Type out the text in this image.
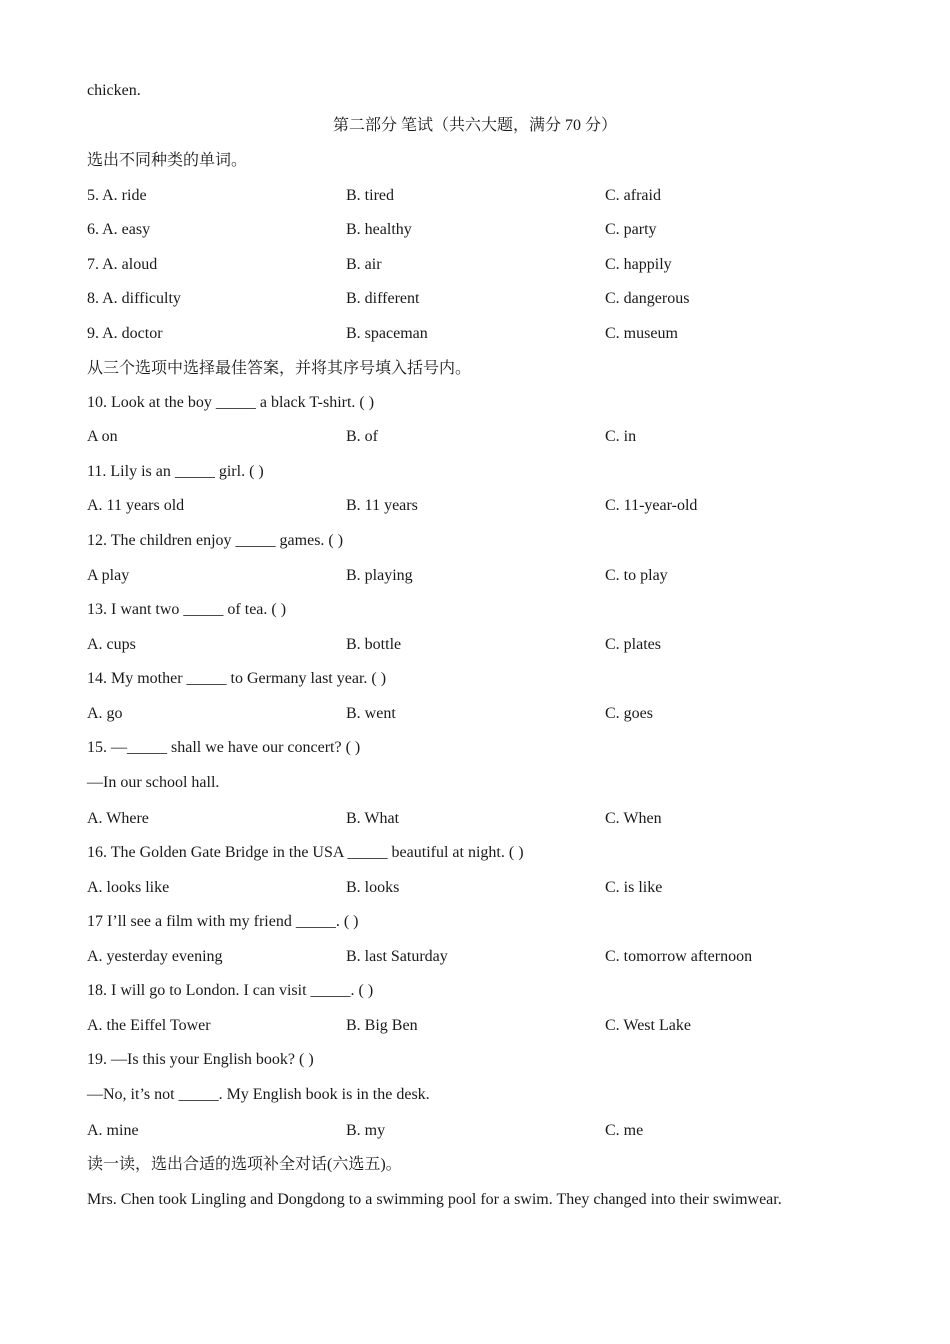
chicken.
第二部分 笔试（共六大题，满分 70 分）
选出不同种类的单词。
5. A. ride	B. tired	C. afraid
6. A. easy	B. healthy	C. party
7. A. aloud	B. air	C. happily
8. A. difficulty	B. different	C. dangerous
9. A. doctor	B. spaceman	C. museum
从三个选项中选择最佳答案，并将其序号填入括号内。
10. Look at the boy _____ a black T-shirt. ( )
A on	B. of	C. in
11. Lily is an _____ girl. ( )
A. 11 years old	B. 11 years	C. 11-year-old
12. The children enjoy _____ games. ( )
A play	B. playing	C. to play
13. I want two _____ of tea. ( )
A. cups	B. bottle	C. plates
14. My mother _____ to Germany last year. ( )
A. go	B. went	C. goes
15. —_____ shall we have our concert? ( )
—In our school hall.
A. Where	B. What	C. When
16. The Golden Gate Bridge in the USA _____ beautiful at night. ( )
A. looks like	B. looks	C. is like
17 I’ll see a film with my friend _____. ( )
A. yesterday evening	B. last Saturday	C. tomorrow afternoon
18. I will go to London. I can visit _____. ( )
A. the Eiffel Tower	B. Big Ben	C. West Lake
19. —Is this your English book? ( )
—No, it’s not _____. My English book is in the desk.
A. mine	B. my	C. me
读一读，选出合适的选项补全对话(六选五)。
Mrs. Chen took Lingling and Dongdong to a swimming pool for a swim. They changed into their swimwear.
